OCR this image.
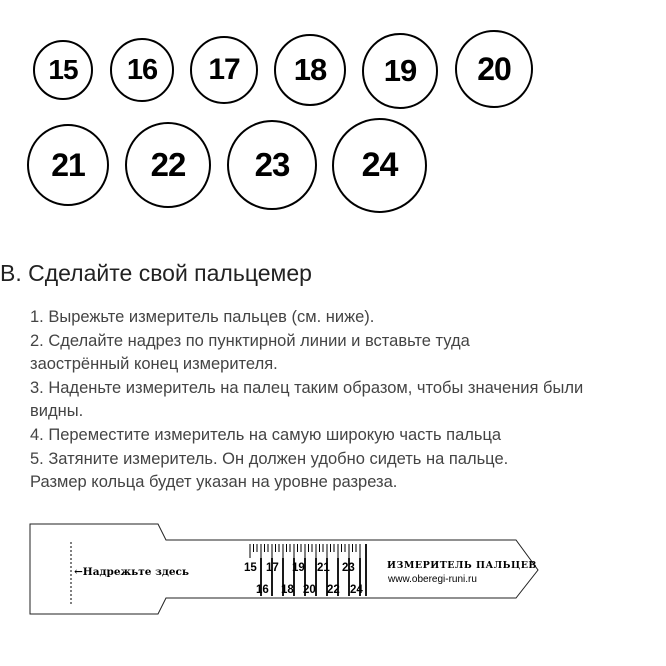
15	16	17	18	19	20
21	22	23	24
B. Сделайте свой пальцемер
1. Вырежьте измеритель пальцев (см. ниже).
2. Сделайте надрез по пунктирной линии и вставьте туда
заострённый конец измерителя.
3. Наденьте измеритель на палец таким образом, чтобы значения были
видны.
4. Переместите измеритель на самую широкую часть пальца
5. Затяните измеритель. Он должен удобно сидеть на пальце.
Размер кольца будет указан на уровне разреза.
←Надрежьте здесь	15 17 19 21 23
16 18 20 22 24
ИЗМЕРИТЕЛЬ ПАЛЬЦЕВ
www.oberegi-runi.ru
